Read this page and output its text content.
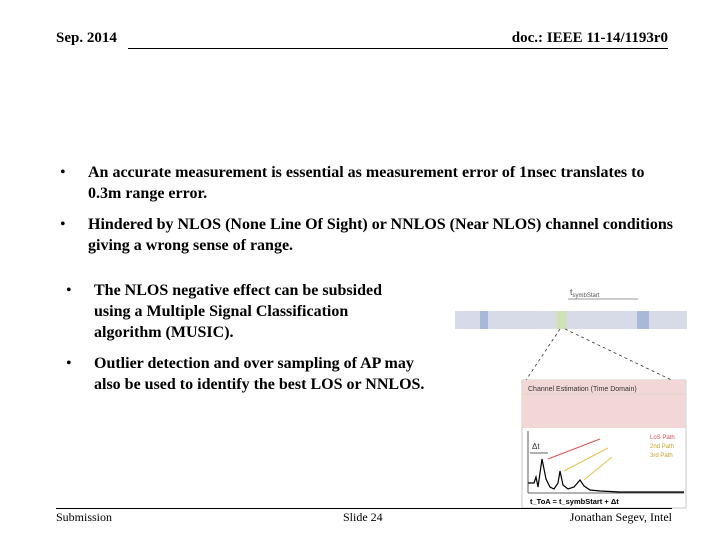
Sep. 2014	doc.: IEEE 11-14/1193r0
• An accurate measurement is essential as measurement error of 1nsec translates to 0.3m range error.
• Hindered by NLOS (None Line Of Sight) or NNLOS (Near NLOS) channel conditions giving a wrong sense of range.
• The NLOS negative effect can be subsided using a Multiple Signal Classification algorithm (MUSIC).
• Outlier detection and over sampling of AP may also be used to identify the best LOS or NNLOS.
$t_{symbStart}$
Channel Estimation (Time Domain)
Δt
LoS Path
2nd Path
3rd Path
t_ToA = t_symbStart + Δt
Submission	Slide 24	Jonathan Segev, Intel
